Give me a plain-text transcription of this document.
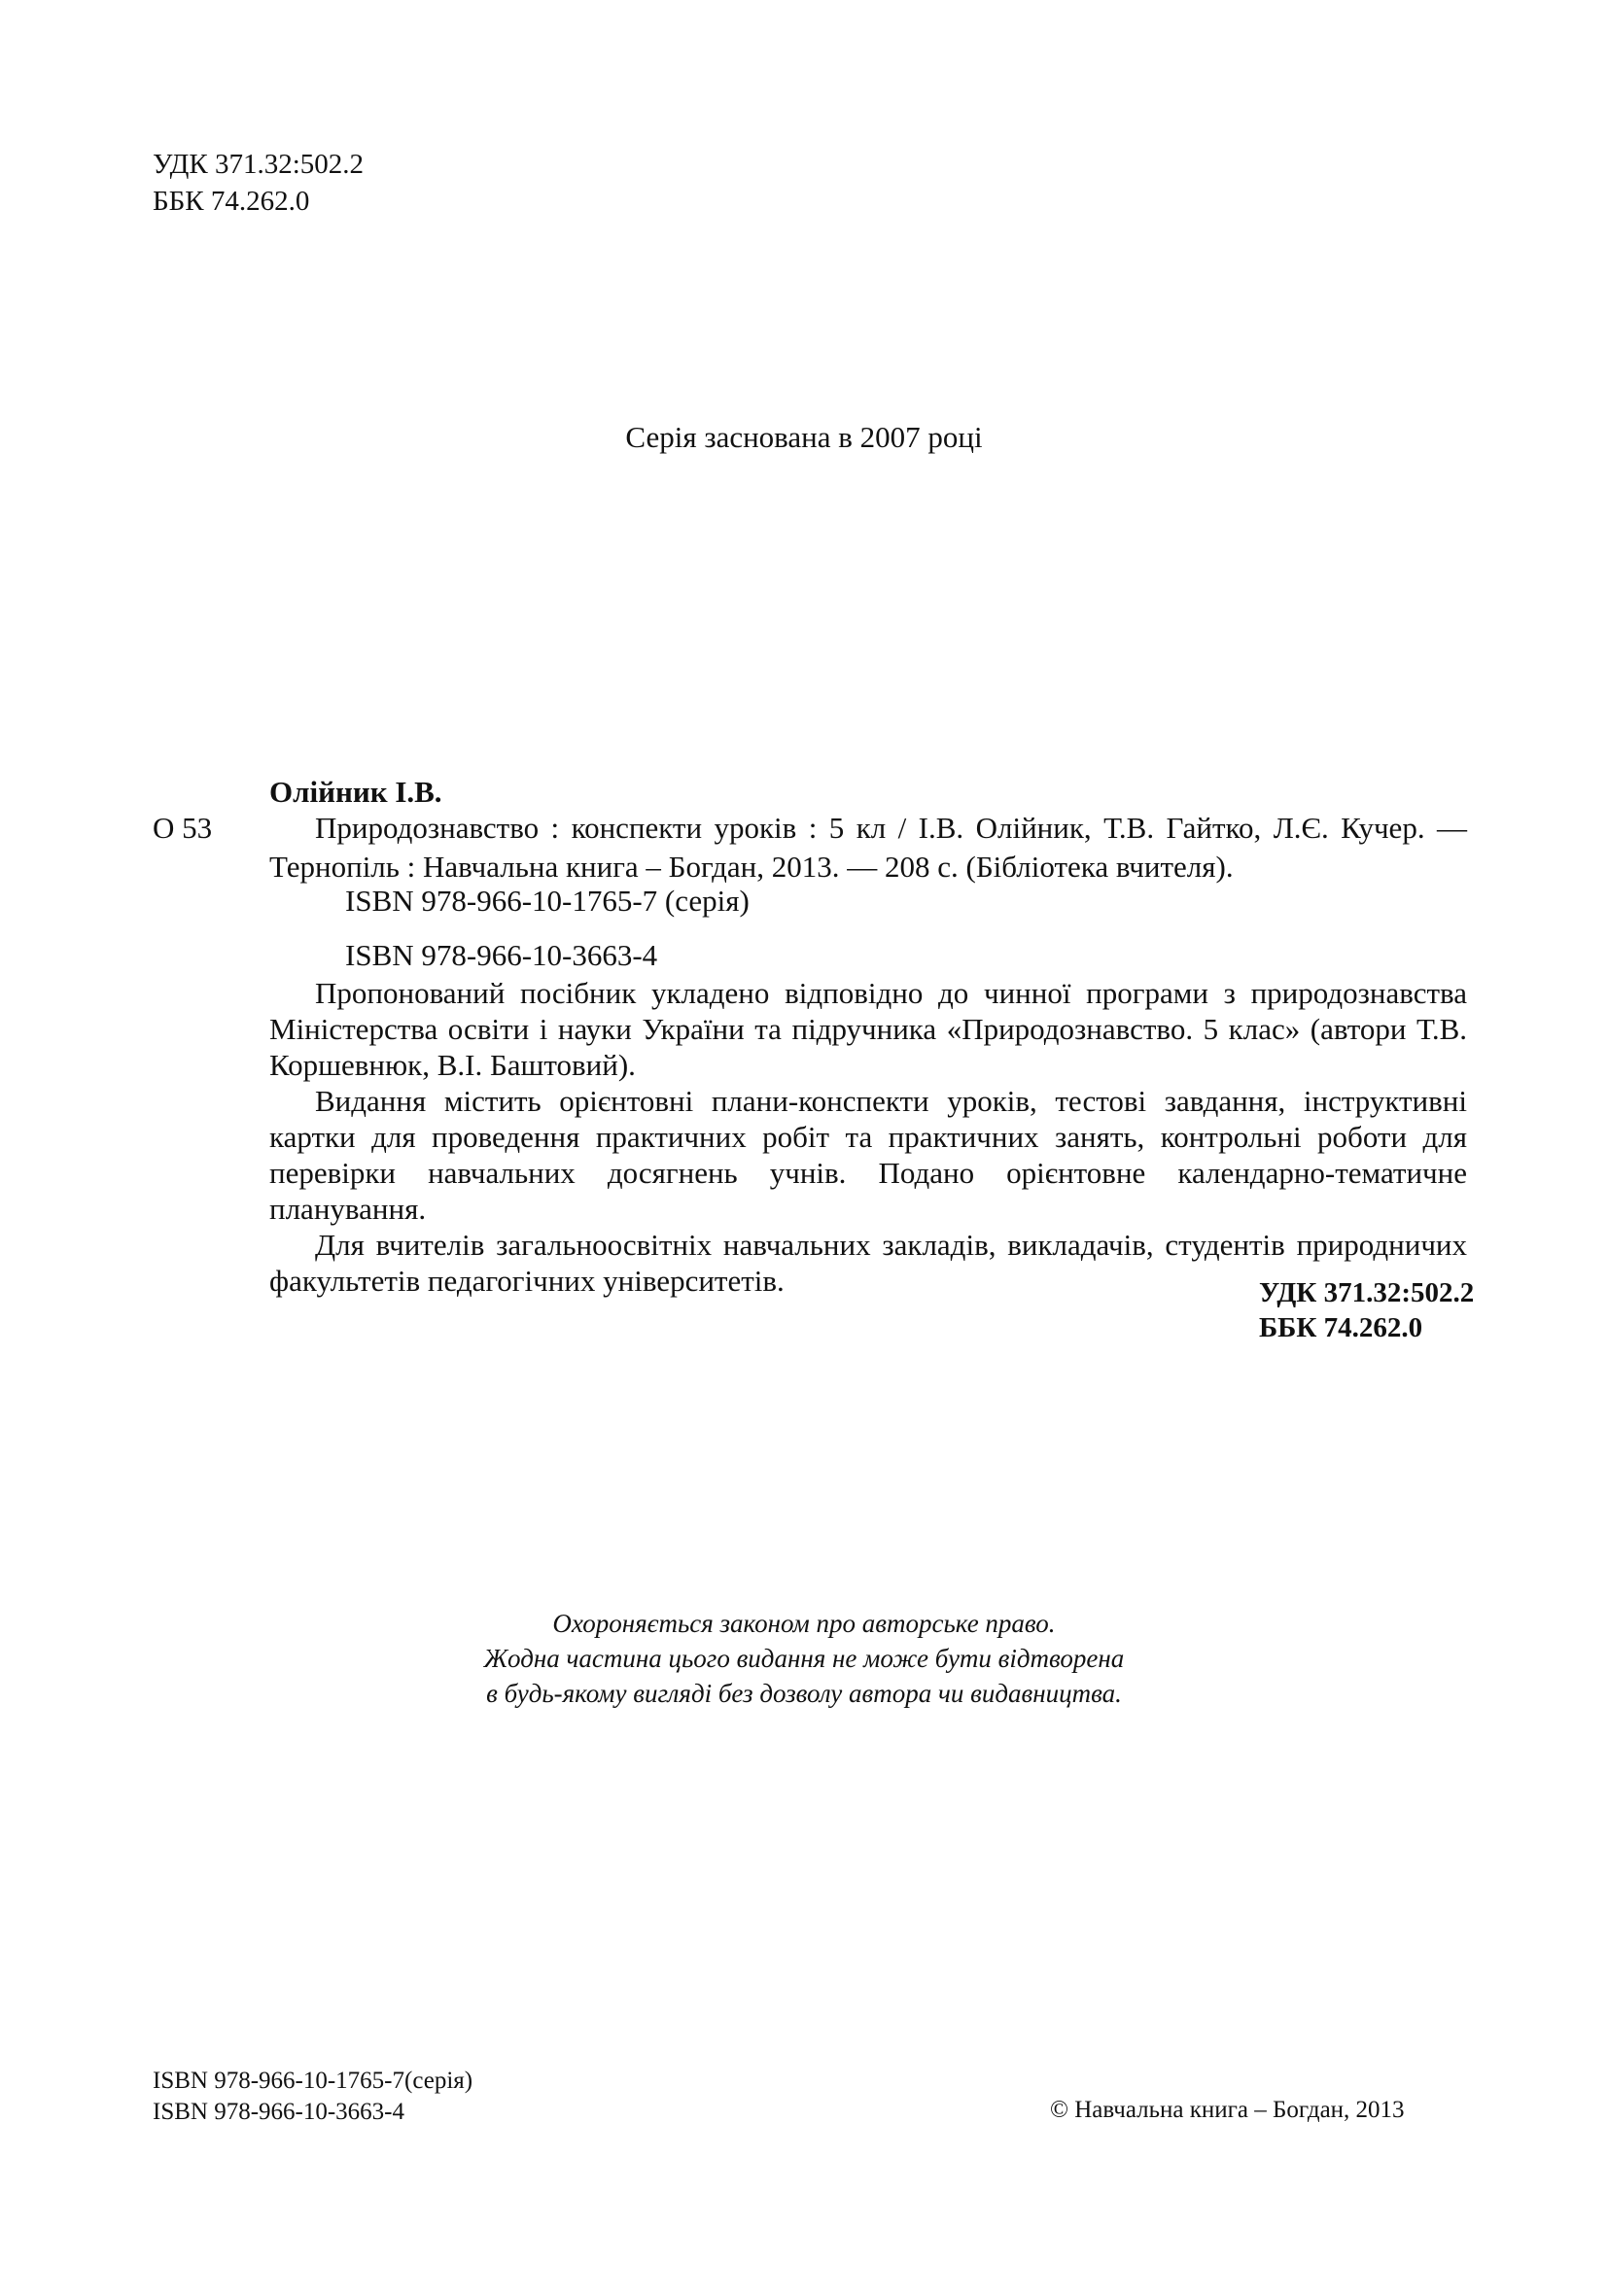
УДК 371.32:502.2
ББК 74.262.0
Серія заснована в 2007 році
Олійник І.В.
О 53	Природознавство : конспекти уроків : 5 кл / І.В. Олійник, Т.В. Гайтко, Л.Є. Кучер. —
Тернопіль : Навчальна книга – Богдан, 2013. — 208 с. (Бібліотека вчителя).
ISBN 978-966-10-1765-7 (серія)
ISBN 978-966-10-3663-4

Пропонований посібник укладено відповідно до чинної програми з природознавства Міністерства освіти і науки України та підручника «Природознавство. 5 клас» (автори Т.В. Коршевнюк, В.І. Баштовий).

Видання містить орієнтовні плани-конспекти уроків, тестові завдання, інструктивні картки для проведення практичних робіт та практичних занять, контрольні роботи для перевірки навчальних досягнень учнів. Подано орієнтовне календарно-тематичне планування.

Для вчителів загальноосвітніх навчальних закладів, викладачів, студентів природничих факультетів педагогічних університетів.	УДК 371.32:502.2
ББК 74.262.0
Охороняється законом про авторське право.
Жодна частина цього видання не може бути відтворена
в будь-якому вигляді без дозволу автора чи видавництва.
ISBN 978-966-10-1765-7(серія)
ISBN 978-966-10-3663-4	© Навчальна книга – Богдан, 2013
